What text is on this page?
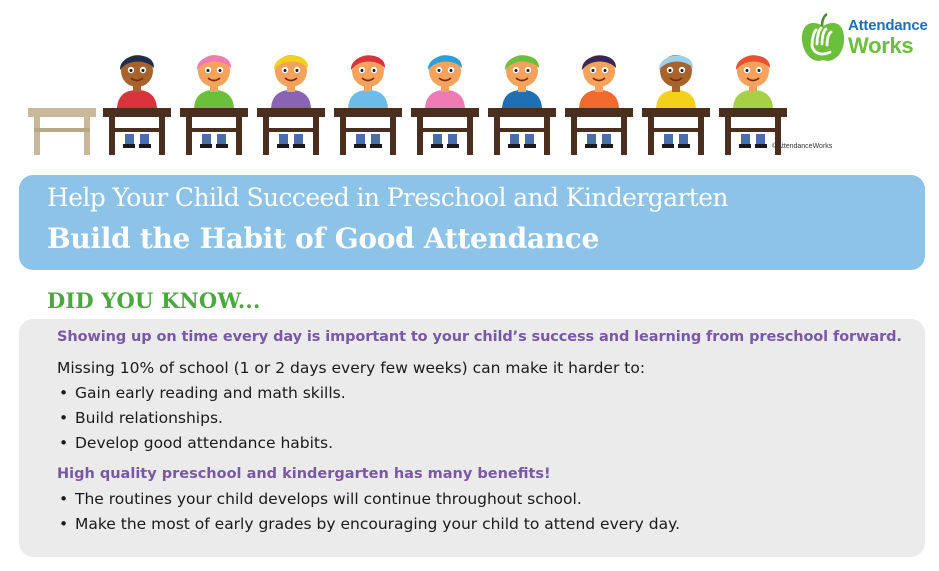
©AttendanceWorks
Attendance
Works
Help Your Child Succeed in Preschool and Kindergarten
Build the Habit of Good Attendance
DID YOU KNOW...
Showing up on time every day is important to your child’s success and learning from preschool forward.
Missing 10% of school (1 or 2 days every few weeks) can make it harder to:
• Gain early reading and math skills.
• Build relationships.
• Develop good attendance habits.
High quality preschool and kindergarten has many benefits!
• The routines your child develops will continue throughout school.
• Make the most of early grades by encouraging your child to attend every day.
